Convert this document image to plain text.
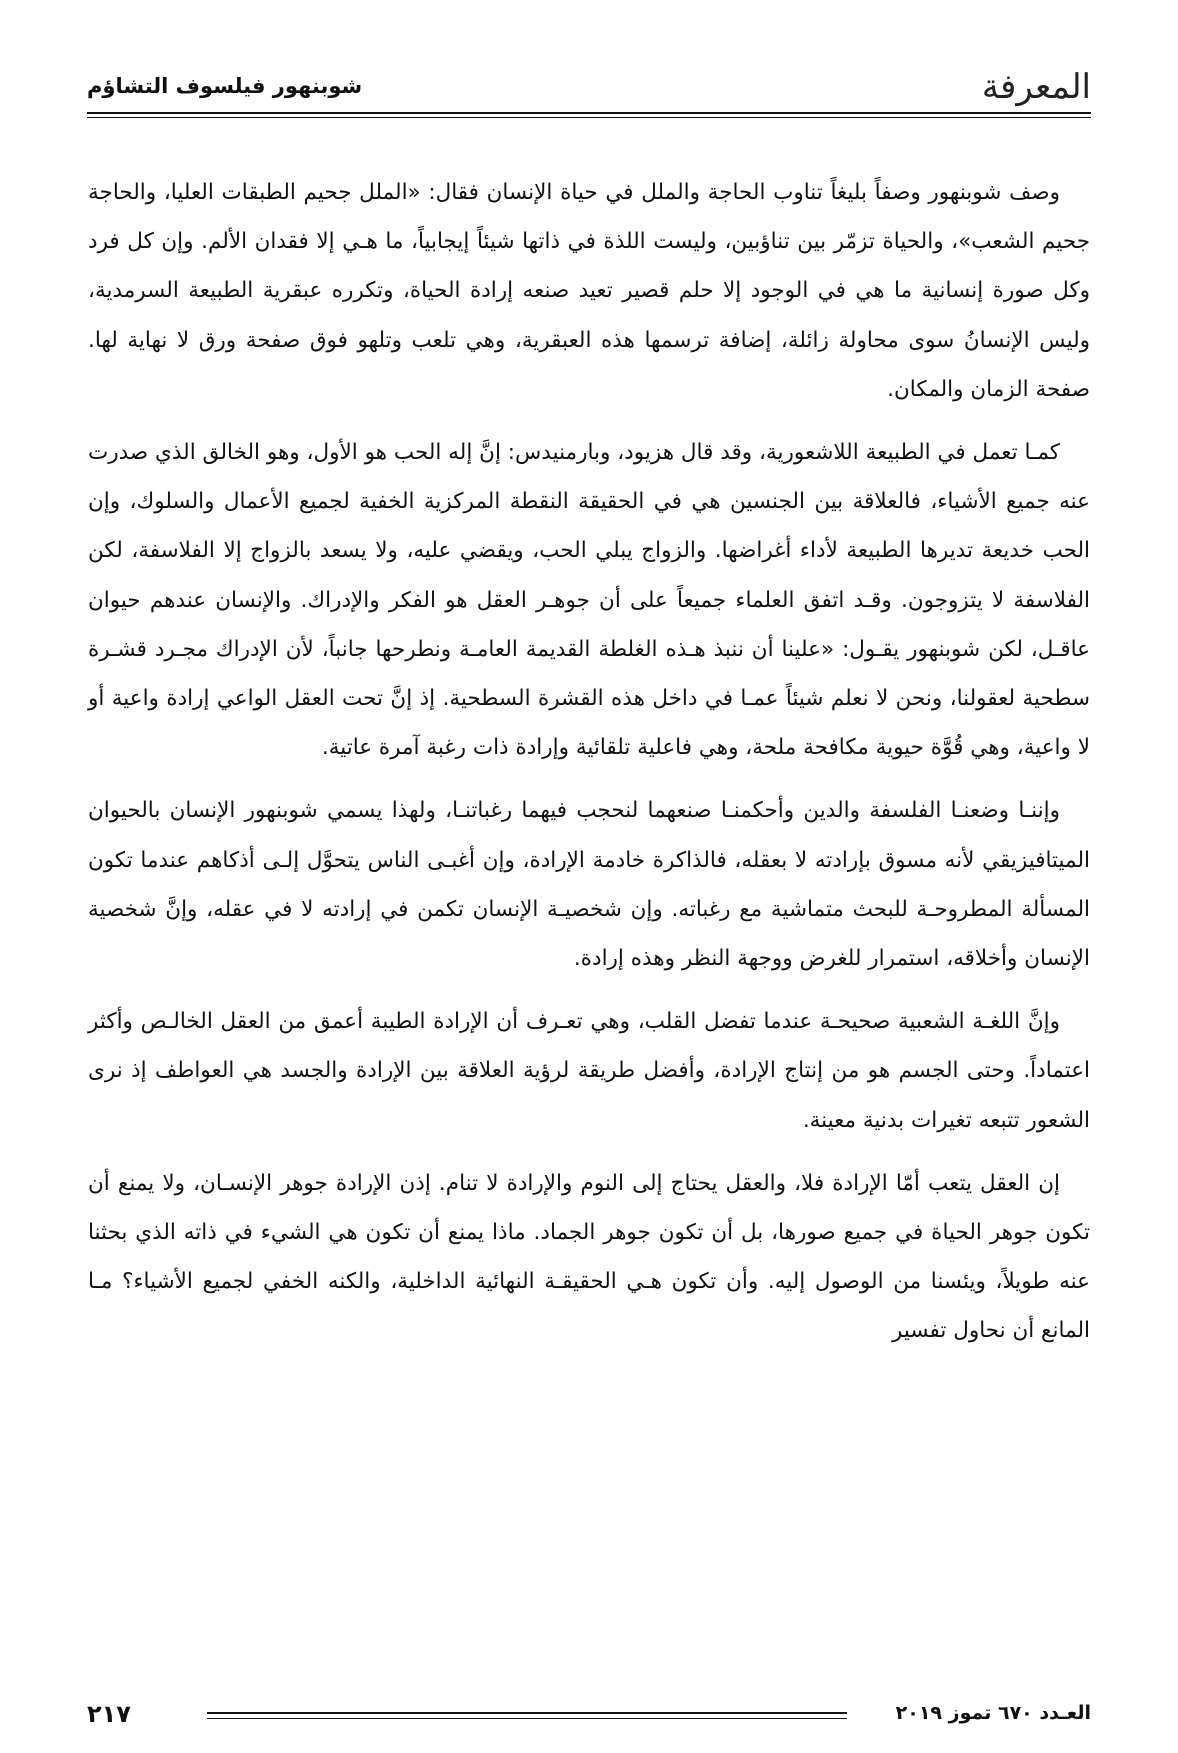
المعرفة
شوبنهور فيلسوف التشاؤم

وصف شوبنهور وصفاً بليغاً تناوب الحاجة والملل في حياة الإنسان فقال: «الملل جحيم الطبقات العليا، والحاجة جحيم الشعب»، والحياة تزمّر بين تناؤبين، وليست اللذة في ذاتها شيئاً إيجابياً، ما هـي إلا فقدان الألم. وإن كل فرد وكل صورة إنسانية ما هي في الوجود إلا حلم قصير تعيد صنعه إرادة الحياة، وتكرره عبقرية الطبيعة السرمدية، وليس الإنسانُ سوى محاولة زائلة، إضافة ترسمها هذه العبقرية، وهي تلعب وتلهو فوق صفحة ورق لا نهاية لها. صفحة الزمان والمكان.

كمـا تعمل في الطبيعة اللاشعورية، وقد قال هزيود، وبارمنيدس: إنَّ إله الحب هو الأول، وهو الخالق الذي صدرت عنه جميع الأشياء، فالعلاقة بين الجنسين هي في الحقيقة النقطة المركزية الخفية لجميع الأعمال والسلوك، وإن الحب خديعة تديرها الطبيعة لأداء أغراضها. والزواج يبلي الحب، ويقضي عليه، ولا يسعد بالزواج إلا الفلاسفة، لكن الفلاسفة لا يتزوجون. وقـد اتفق العلماء جميعاً على أن جوهـر العقل هو الفكر والإدراك. والإنسان عندهم حيوان عاقـل، لكن شوبنهور يقـول: «علينا أن ننبذ هـذه الغلطة القديمة العامـة ونطرحها جانباً، لأن الإدراك مجـرد قشـرة سطحية لعقولنا، ونحن لا نعلم شيئاً عمـا في داخل هذه القشرة السطحية. إذ إنَّ تحت العقل الواعي إرادة واعية أو لا واعية، وهي قُوَّة حيوية مكافحة ملحة، وهي فاعلية تلقائية وإرادة ذات رغبة آمرة عاتية.

وإننـا وضعنـا الفلسفة والدين وأحكمنـا صنعهما لنحجب فيهما رغباتنـا، ولهذا يسمي شوبنهور الإنسان بالحيوان الميتافيزيقي لأنه مسوق بإرادته لا بعقله، فالذاكرة خادمة الإرادة، وإن أغبـى الناس يتحوَّل إلـى أذكاهم عندما تكون المسألة المطروحـة للبحث متماشية مع رغباته. وإن شخصيـة الإنسان تكمن في إرادته لا في عقله، وإنَّ شخصية الإنسان وأخلاقه، استمرار للغرض ووجهة النظر وهذه إرادة.

وإنَّ اللغـة الشعبية صحيحـة عندما تفضل القلب، وهي تعـرف أن الإرادة الطيبة أعمق من العقل الخالـص وأكثر اعتماداً. وحتى الجسم هو من إنتاج الإرادة، وأفضل طريقة لرؤية العلاقة بين الإرادة والجسد هي العواطف إذ نرى الشعور تتبعه تغيرات بدنية معينة.

إن العقل يتعب أمّا الإرادة فلا، والعقل يحتاج إلى النوم والإرادة لا تنام. إذن الإرادة جوهر الإنسـان، ولا يمنع أن تكون جوهر الحياة في جميع صورها، بل أن تكون جوهر الجماد. ماذا يمنع أن تكون هي الشيء في ذاته الذي بحثنا عنه طويلاً، ويئسنا من الوصول إليه. وأن تكون هـي الحقيقـة النهائية الداخلية، والكنه الخفي لجميع الأشياء؟ مـا المانع أن نحاول تفسير

٢١٧	العـدد ٦٧٠ تموز ٢٠١٩
